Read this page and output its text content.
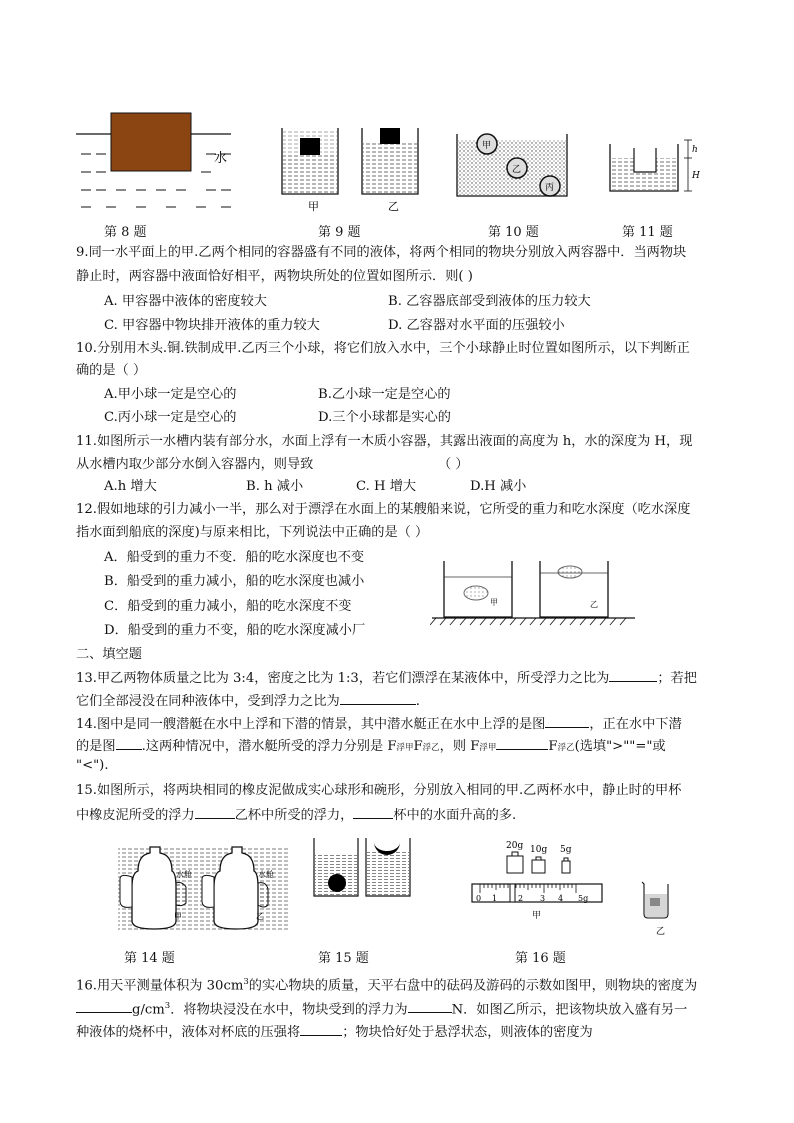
水
甲	乙
甲
乙
丙
h
H
第 8 题	第 9 题	第 10 题	第 11 题
9.同一水平面上的甲.乙两个相同的容器盛有不同的液体，将两个相同的物块分别放入两容器中．当两物块
静止时，两容器中液面恰好相平，两物块所处的位置如图所示．则( )
A. 甲容器中液体的密度较大	B. 乙容器底部受到液体的压力较大
C. 甲容器中物块排开液体的重力较大	D. 乙容器对水平面的压强较小
10.分别用木头.铜.铁制成甲.乙丙三个小球，将它们放入水中，三个小球静止时位置如图所示，以下判断正
确的是（ ）
A.甲小球一定是空心的	B.乙小球一定是空心的
C.丙小球一定是空心的	D.三个小球都是实心的
11.如图所示一水槽内装有部分水，水面上浮有一木质小容器，其露出液面的高度为 h，水的深度为 H，现
从水槽内取少部分水倒入容器内，则导致	（ ）
A.h 增大	B. h 减小	C. H 增大	D.H 减小
12.假如地球的引力减小一半，那么对于漂浮在水面上的某艘船来说，它所受的重力和吃水深度（吃水深度
指水面到船底的深度)与原来相比，下列说法中正确的是（ ）
A．船受到的重力不变．船的吃水深度也不变
B．船受到的重力减小，船的吃水深度也减小
C．船受到的重力减小，船的吃水深度不变
D．船受到的重力不变，船的吃水深度减小厂
甲	乙
二、填空题
13.甲乙两物体质量之比为 3:4，密度之比为 1:3，若它们漂浮在某液体中，所受浮力之比为	；若把
它们全部浸没在同种液体中，受到浮力之比为	.
14.图中是同一艘潜艇在水中上浮和下潜的情景，其中潜水艇正在水中上浮的是图	，正在水中下潜
的是图 .这两种情况中，潜水艇所受的浮力分别是 F浮甲F浮乙，则 F浮甲	F浮乙(选填">""="或
"<").
15.如图所示，将两块相同的橡皮泥做成实心球形和碗形，分别放入相同的甲.乙两杯水中，静止时的甲杯
中橡皮泥所受的浮力	乙杯中所受的浮力，	杯中的水面升高的多.
水舱	水舱
甲	乙
20g 10g 5g
0 1	2 3 4 5g
甲
乙
第 14 题	第 15 题	第 16 题
16.用天平测量体积为 $30cm^3$的实心物块的质量，天平右盘中的砝码及游码的示数如图甲，则物块的密度为
$g/cm^3$．将物块浸没在水中，物块受到的浮力为	N．如图乙所示，把该物块放入盛有另一
种液体的烧杯中，液体对杯底的压强将	；物块恰好处于悬浮状态，则液体的密度为
